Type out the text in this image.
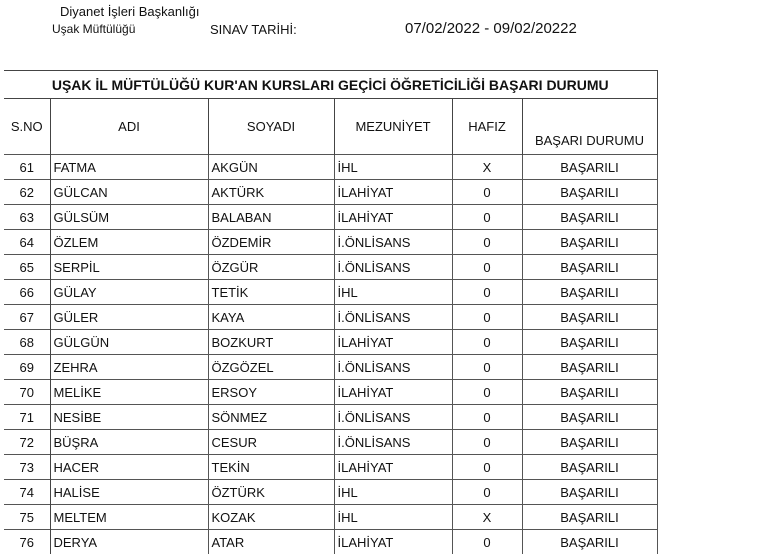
Diyanet İşleri Başkanlığı
Uşak Müftülüğü	SINAV TARİHİ:	07/02/2022 - 09/02/20222
UŞAK İL MÜFTÜLÜĞÜ KUR'AN KURSLARI GEÇİCİ ÖĞRETİCİLİĞİ BAŞARI DURUMU					
S.NO	ADI	SOYADI	MEZUNİYET	HAFIZ	BAŞARI DURUMU
61	FATMA	AKGÜN	İHL	X	BAŞARILI
62	GÜLCAN	AKTÜRK	İLAHİYAT	0	BAŞARILI
63	GÜLSÜM	BALABAN	İLAHİYAT	0	BAŞARILI
64	ÖZLEM	ÖZDEMİR	İ.ÖNLİSANS	0	BAŞARILI
65	SERPİL	ÖZGÜR	İ.ÖNLİSANS	0	BAŞARILI
66	GÜLAY	TETİK	İHL	0	BAŞARILI
67	GÜLER	KAYA	İ.ÖNLİSANS	0	BAŞARILI
68	GÜLGÜN	BOZKURT	İLAHİYAT	0	BAŞARILI
69	ZEHRA	ÖZGÖZEL	İ.ÖNLİSANS	0	BAŞARILI
70	MELİKE	ERSOY	İLAHİYAT	0	BAŞARILI
71	NESİBE	SÖNMEZ	İ.ÖNLİSANS	0	BAŞARILI
72	BÜŞRA	CESUR	İ.ÖNLİSANS	0	BAŞARILI
73	HACER	TEKİN	İLAHİYAT	0	BAŞARILI
74	HALİSE	ÖZTÜRK	İHL	0	BAŞARILI
75	MELTEM	KOZAK	İHL	X	BAŞARILI
76	DERYA	ATAR	İLAHİYAT	0	BAŞARILI
